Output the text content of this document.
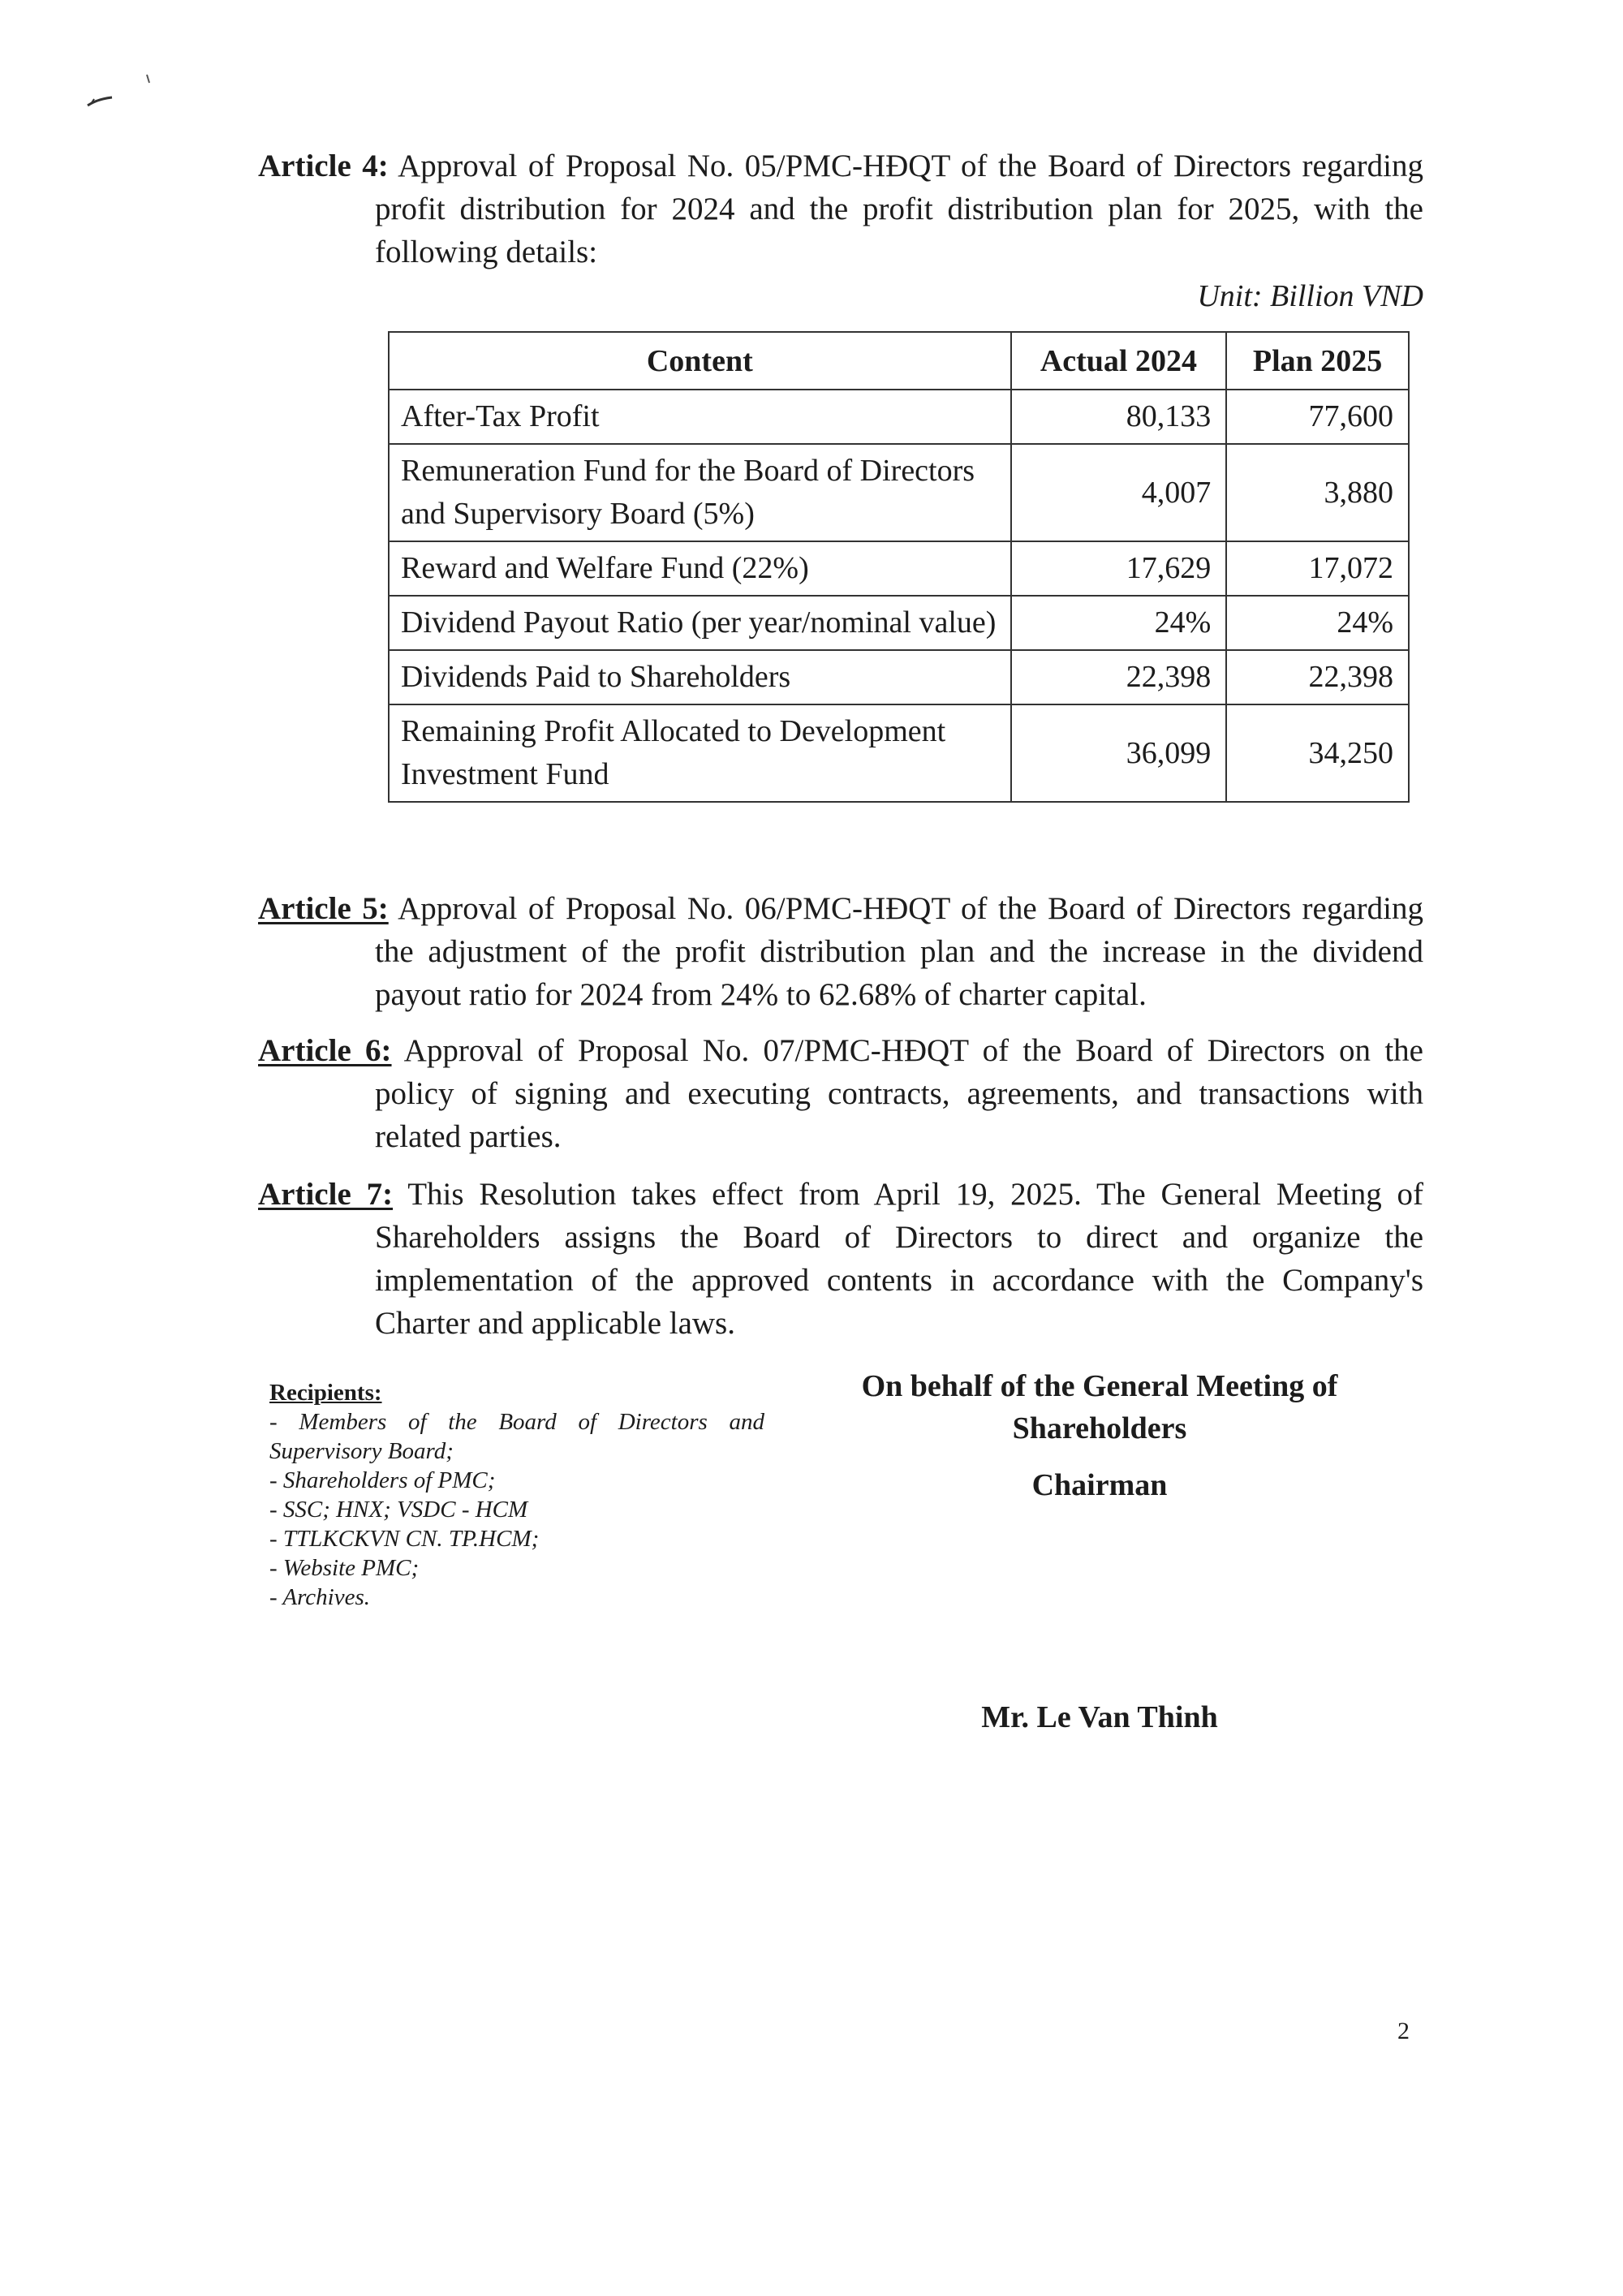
Article 4: Approval of Proposal No. 05/PMC-HĐQT of the Board of Directors regarding profit distribution for 2024 and the profit distribution plan for 2025, with the following details:
Unit: Billion VND
Content	Actual 2024	Plan 2025
After-Tax Profit	80,133	77,600
Remuneration Fund for the Board of Directors and Supervisory Board (5%)	4,007	3,880
Reward and Welfare Fund (22%)	17,629	17,072
Dividend Payout Ratio (per year/nominal value)	24%	24%
Dividends Paid to Shareholders	22,398	22,398
Remaining Profit Allocated to Development Investment Fund	36,099	34,250
Article 5: Approval of Proposal No. 06/PMC-HĐQT of the Board of Directors regarding the adjustment of the profit distribution plan and the increase in the dividend payout ratio for 2024 from 24% to 62.68% of charter capital.
Article 6: Approval of Proposal No. 07/PMC-HĐQT of the Board of Directors on the policy of signing and executing contracts, agreements, and transactions with related parties.
Article 7: This Resolution takes effect from April 19, 2025. The General Meeting of Shareholders assigns the Board of Directors to direct and organize the implementation of the approved contents in accordance with the Company's Charter and applicable laws.
Recipients:
- Members of the Board of Directors and Supervisory Board;
- Shareholders of PMC;
- SSC; HNX; VSDC - HCM
- TTLKCKVN CN. TP.HCM;
- Website PMC;
- Archives.
On behalf of the General Meeting of
Shareholders
Chairman
Mr. Le Van Thinh
2
